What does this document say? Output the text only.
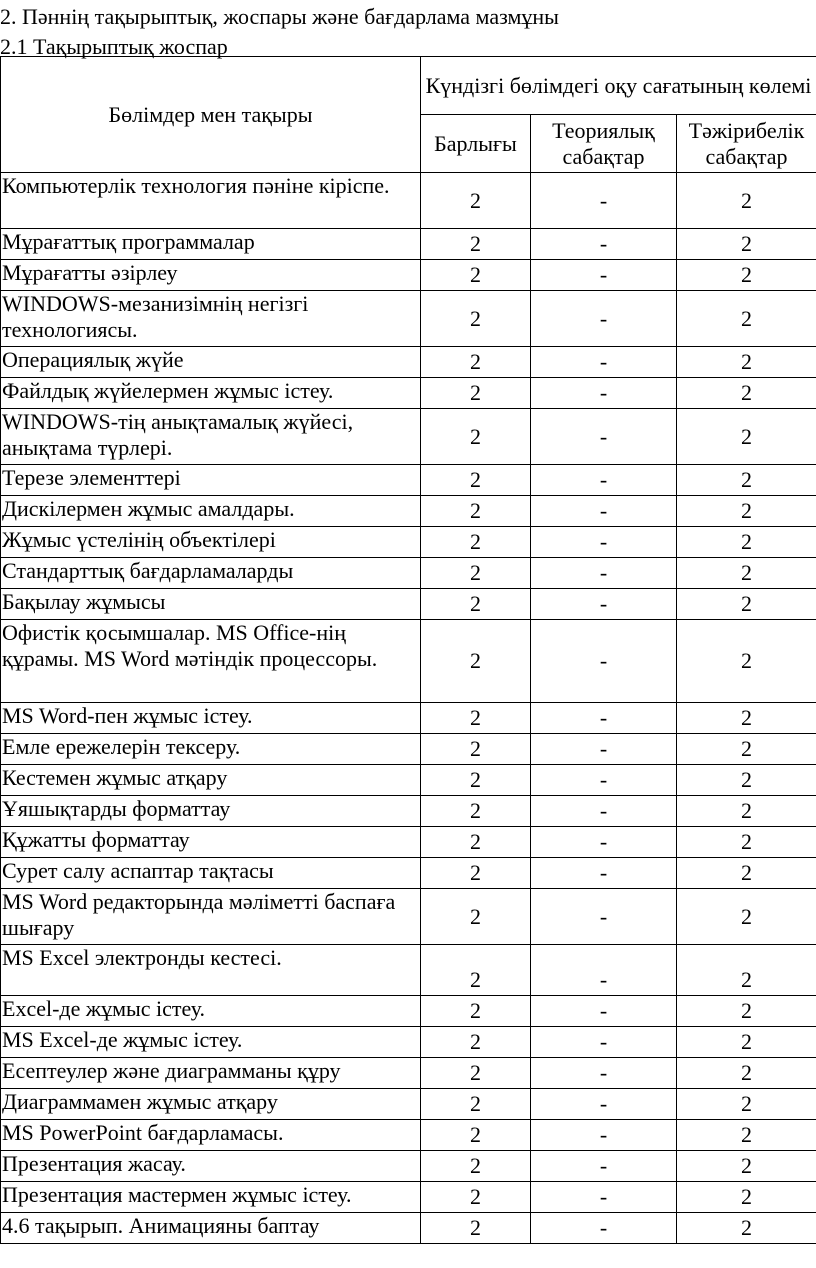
2. Пәннің тақырыптық, жоспары және бағдарлама мазмұны
2.1 Тақырыптық жоспар
Бөлімдер мен тақыры	Күндізгі бөлімдегі оқу сағатының көлемі		
	Барлығы	Теориялық сабақтар	Тәжірибелік сабақтар
Компьютерлік технология пәніне кіріспе.	2	-	2
Мұрағаттық программалар	2	-	2
Мұрағатты әзірлеу	2	-	2
WINDOWS-мезанизімнің негізгі технологиясы.	2	-	2
Операциялық жүйе	2	-	2
Файлдық жүйелермен жұмыс істеу.	2	-	2
WINDOWS-тің анықтамалық жүйесі, анықтама түрлері.	2	-	2
Терезе элементтері	2	-	2
Дискілермен жұмыс амалдары.	2	-	2
Жұмыс үстелінің объектілері	2	-	2
Стандарттық бағдарламаларды	2	-	2
Бақылау жұмысы	2	-	2
Офистік қосымшалар. MS Office-нің құрамы. MS Word мәтіндік процессоры.	2	-	2
MS Word-пен жұмыс істеу.	2	-	2
Емле ережелерін тексеру.	2	-	2
Кестемен жұмыс атқару	2	-	2
Ұяшықтарды форматтау	2	-	2
Құжатты форматтау	2	-	2
Сурет салу аспаптар тақтасы	2	-	2
MS Word редакторында мәліметті баспаға шығару	2	-	2
MS Excel электронды кестесі.	2	-	2
Excel-де жұмыс істеу.	2	-	2
MS Excel-де жұмыс істеу.	2	-	2
Есептеулер және диаграмманы құру	2	-	2
Диаграммамен жұмыс атқару	2	-	2
MS PowerPoint бағдарламасы.	2	-	2
Презентация жасау.	2	-	2
Презентация мастермен жұмыс істеу.	2	-	2
4.6 тақырып. Анимацияны баптау	2	-	2
